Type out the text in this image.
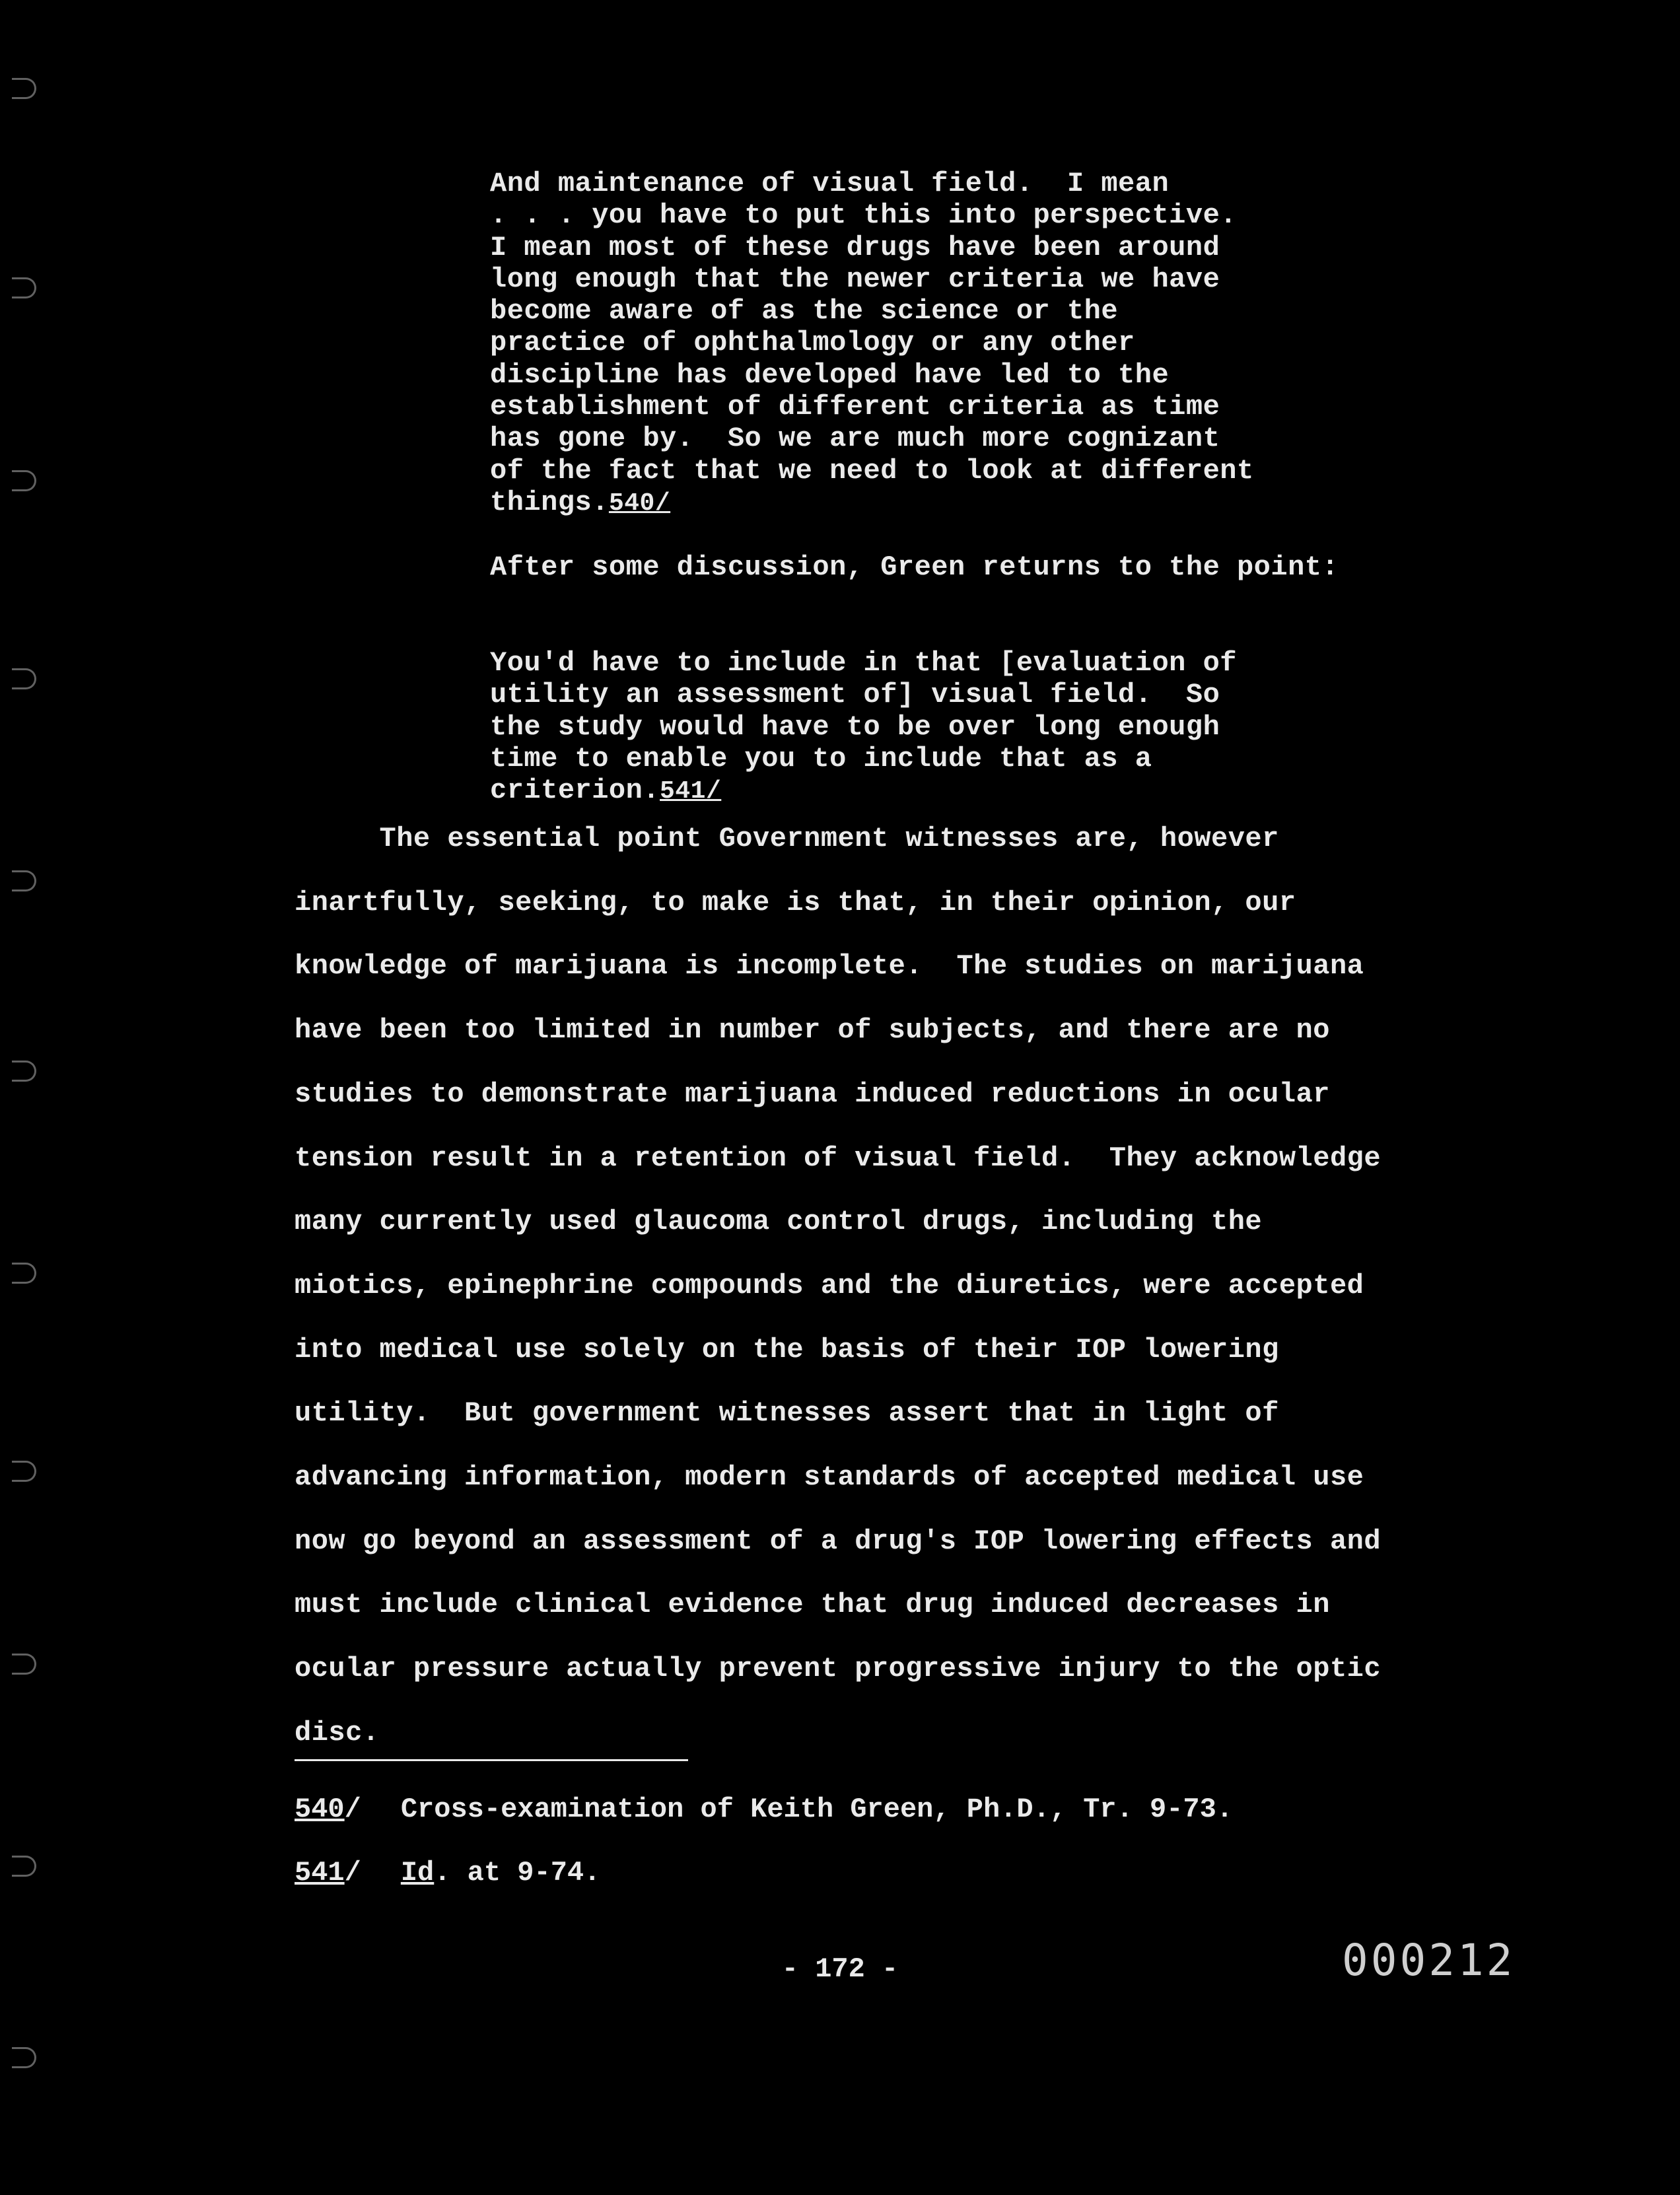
And maintenance of visual field.  I mean
. . . you have to put this into perspective.
I mean most of these drugs have been around
long enough that the newer criteria we have
become aware of as the science or the
practice of ophthalmology or any other
discipline has developed have led to the
establishment of different criteria as time
has gone by.  So we are much more cognizant
of the fact that we need to look at different
things.540/

After some discussion, Green returns to the point:

You'd have to include in that [evaluation of
utility an assessment of] visual field.  So
the study would have to be over long enough
time to enable you to include that as a
criterion.541/

The essential point Government witnesses are, however
inartfully, seeking, to make is that, in their opinion, our
knowledge of marijuana is incomplete.  The studies on marijuana
have been too limited in number of subjects, and there are no
studies to demonstrate marijuana induced reductions in ocular
tension result in a retention of visual field.  They acknowledge
many currently used glaucoma control drugs, including the
miotics, epinephrine compounds and the diuretics, were accepted
into medical use solely on the basis of their IOP lowering
utility.  But government witnesses assert that in light of
advancing information, modern standards of accepted medical use
now go beyond an assessment of a drug's IOP lowering effects and
must include clinical evidence that drug induced decreases in
ocular pressure actually prevent progressive injury to the optic
disc.

540/ Cross-examination of Keith Green, Ph.D., Tr. 9-73.
541/ Id. at 9-74.
- 172 -	000212
